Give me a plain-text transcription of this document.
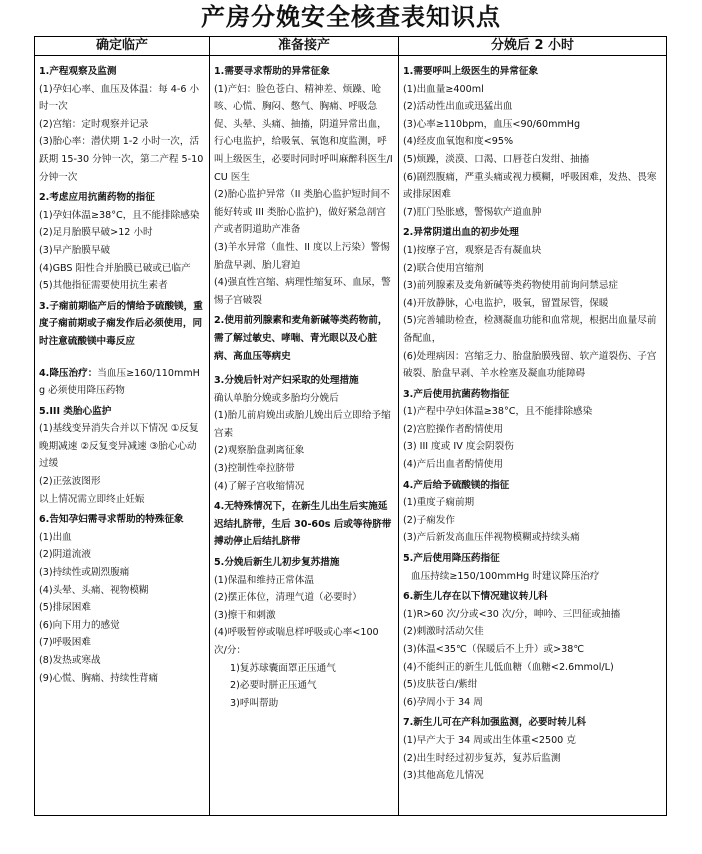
产房分娩安全核查表知识点
确定临产
1.产程观察及监测
(1)孕妇心率、血压及体温：每 4-6 小时一次
(2)宫缩：定时观察并记录
(3)胎心率：潜伏期 1-2 小时一次，活跃期 15-30 分钟一次，第二产程 5-10 分钟一次
2.考虑应用抗菌药物的指征
(1)孕妇体温≥38°C，且不能排除感染
(2)足月胎膜早破>12 小时
(3)早产胎膜早破
(4)GBS 阳性合并胎膜已破或已临产
(5)其他指征需要使用抗生素者
3.子痫前期临产后的情给予硫酸镁，重度子痫前期或子痫发作后必须使用，同时注意硫酸镁中毒反应
4.降压治疗：当血压≥160/110mmHg 必须使用降压药物
5.III 类胎心监护
(1)基线变异消失合并以下情况 ①反复晚期减速 ②反复变异减速 ③胎心心动过缓
(2)正弦波图形
以上情况需立即终止妊娠
6.告知孕妇需寻求帮助的特殊征象
(1)出血
(2)阴道流液
(3)持续性或剧烈腹痛
(4)头晕、头痛、视物模糊
(5)排尿困难
(6)向下用力的感觉
(7)呼吸困难
(8)发热或寒战
(9)心慌、胸痛、持续性背痛
准备接产
1.需要寻求帮助的异常征象
(1)产妇：脸色苍白、精神差、烦躁、呛咳、心慌、胸闷、憋气、胸痛、呼吸急促、头晕、头痛、抽搐，阴道异常出血，行心电监护，给吸氧、氧饱和度监测，呼叫上级医生，必要时同时呼叫麻醉科医生/ICU 医生
(2)胎心监护异常（II 类胎心监护短时间不能好转或 III 类胎心监护)，做好紧急剖宫产或者阴道助产准备
(3)羊水异常（血性、II 度以上污染）警惕胎盘早剥、胎儿窘迫
(4)强直性宫缩、病理性缩复环、血尿，警惕子宫破裂
2.使用前列腺素和麦角新碱等类药物前，需了解过敏史、哮喘、青光眼以及心脏病、高血压等病史
3.分娩后针对产妇采取的处理措施
确认单胎分娩或多胎均分娩后
(1)胎儿前肩娩出或胎儿娩出后立即给予缩宫素
(2)观察胎盘剥离征象
(3)控制性牵拉脐带
(4)了解子宫收缩情况
4.无特殊情况下，在新生儿出生后实施延迟结扎脐带，生后 30-60s 后或等待脐带搏动停止后结扎脐带
5.分娩后新生儿初步复苏措施
(1)保温和维持正常体温
(2)摆正体位，清理气道（必要时）
(3)擦干和刺激
(4)呼吸暂停或喘息样呼吸或心率<100 次/分：
1)复苏球囊面罩正压通气
2)必要时胼正压通气
3)呼叫帮助
分娩后 2 小时
1.需要呼叫上级医生的异常征象
(1)出血量≥400ml
(2)活动性出血或迅猛出血
(3)心率≥110bpm，血压<90/60mmHg
(4)经皮血氧饱和度<95%
(5)烦躁，淡漠、口渴、口唇苍白发绀、抽搐
(6)剧烈腹痛，严重头痛或视力模糊，呼吸困难，发热、畏寒或排尿困难
(7)肛门坠胀感，警惕软产道血肿
2.异常阴道出血的初步处理
(1)按摩子宫，观察是否有凝血块
(2)联合使用宫缩剂
(3)前列腺素及麦角新碱等类药物使用前询问禁忌症
(4)开放静脉，心电监护，吸氧，留置尿管，保暖
(5)完善辅助检查，检测凝血功能和血常规，根据出血量尽前备配血，
(6)处理病因：宫缩乏力、胎盘胎膜残留、软产道裂伤、子宫破裂、胎盘早剥、羊水栓塞及凝血功能障碍
3.产后使用抗菌药物指征
(1)产程中孕妇体温≥38°C，且不能排除感染
(2)宫腔操作者酌情使用
(3) III 度或 IV 度会阴裂伤
(4)产后出血者酌情使用
4.产后给予硫酸镁的指征
(1)重度子痫前期
(2)子痫发作
(3)产后新发高血压伴视物模糊或持续头痛
5.产后使用降压药指征
血压持续≥150/100mmHg 时建议降压治疗
6.新生儿存在以下情况建议转儿科
(1)R>60 次/分或<30 次/分，呻吟、三凹征或抽搐
(2)刺激时活动欠佳
(3)体温<35℃（保暖后不上升）或>38℃
(4)不能纠正的新生儿低血糖（血糖<2.6mmol/L)
(5)皮肤苍白/紫绀
(6)孕周小于 34 周
7.新生儿可在产科加强监测，必要时转儿科
(1)早产大于 34 周或出生体重<2500 克
(2)出生时经过初步复苏，复苏后监测
(3)其他高危儿情况
